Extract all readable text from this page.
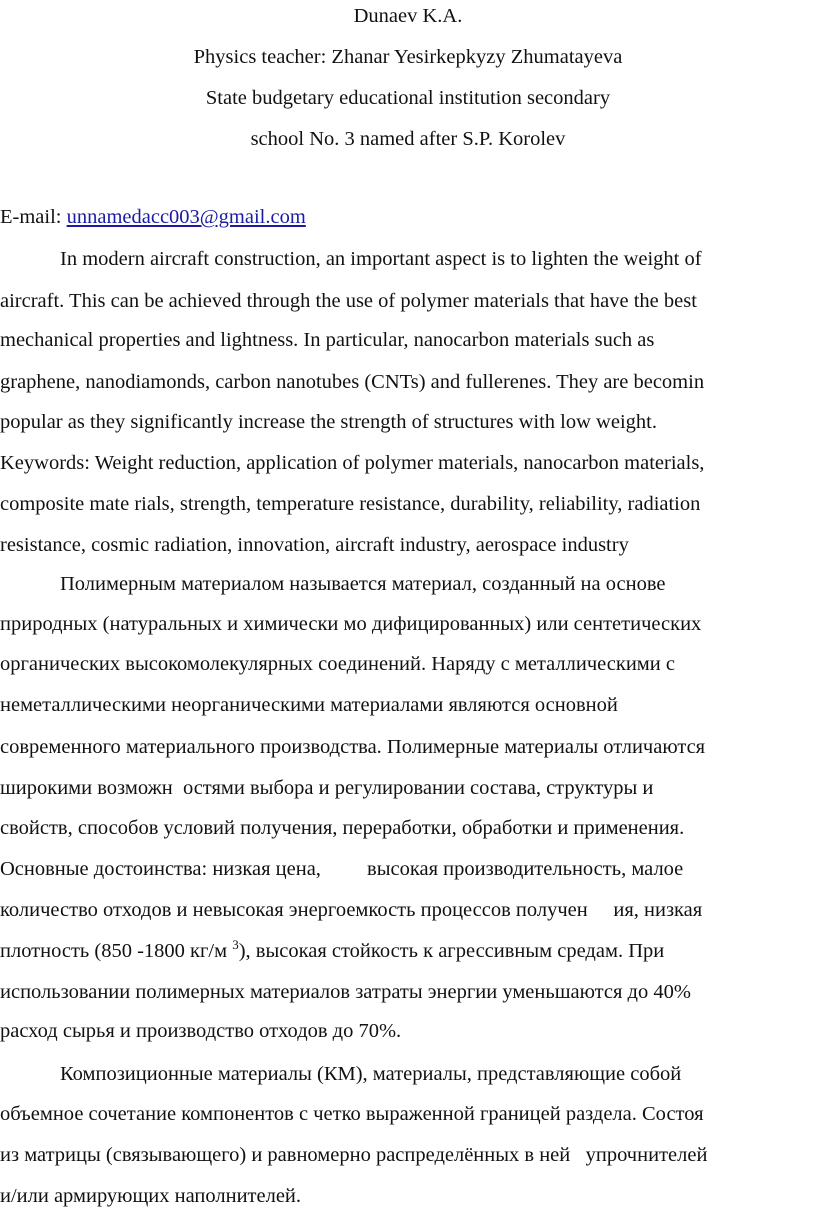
Dunaev K.A.
Physics teacher: Zhanar Yesirkepkyzy Zhumatayeva
State budgetary educational institution secondary
school No. 3 named after S.P. Korolev
E-mail: unnamedacc003@gmail.com
In modern aircraft construction, an important aspect is to lighten the weight of
aircraft. This can be achieved through the use of polymer materials that have the best
mechanical properties and lightness. In particular, nanocarbon materials such as
graphene, nanodiamonds, carbon nanotubes (CNTs) and fullerenes. They are becomin
popular as they significantly increase the strength of structures with low weight.
Keywords: Weight reduction, application of polymer materials, nanocarbon materials,
composite mate rials, strength, temperature resistance, durability, reliability, radiation
resistance, cosmic radiation, innovation, aircraft industry, aerospace industry
Полимерным материалом называется материал, созданный на основе
природных (натуральных и химически мо дифицированных) или сентетических
органических высокомолекулярных соединений. Наряду с металлическими с
неметаллическими неорганическими материалами являются основной
современного материального производства. Полимерные материалы отличаются
широкими возможн  остями выбора и регулировании состава, структуры и
свойств, способов условий получения, переработки, обработки и применения.
Основные достоинства: низкая цена,         высокая производительность, малое
количество отходов и невысокая энергоемкость процессов получен     ия, низкая
плотность (850 -1800 кг/м $^3$), высокая стойкость к агрессивным средам. При
использовании полимерных материалов затраты энергии уменьшаются до 40%
расход сырья и производство отходов до 70%.
Композиционные материалы (КМ), материалы, представляющие собой
объемное сочетание компонентов с четко выраженной границей раздела. Состоя
из матрицы (связывающего) и равномерно распределённых в ней   упрочнителей
и/или армирующих наполнителей.
